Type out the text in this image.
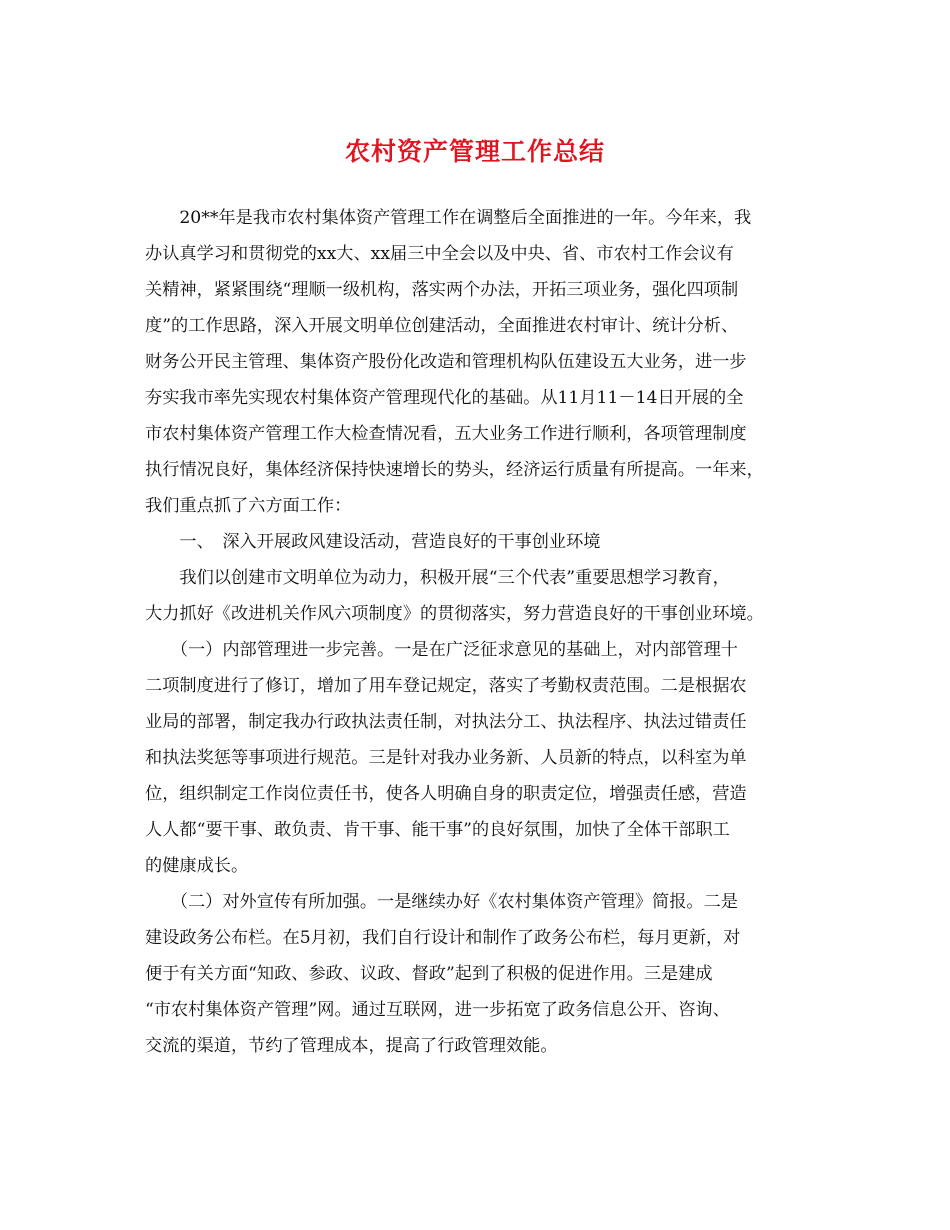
农村资产管理工作总结
　　20**年是我市农村集体资产管理工作在调整后全面推进的一年。今年来，我
办认真学习和贯彻党的xx大、xx届三中全会以及中央、省、市农村工作会议有
关精神，紧紧围绕“理顺一级机构，落实两个办法，开拓三项业务，强化四项制
度”的工作思路，深入开展文明单位创建活动，全面推进农村审计、统计分析、
财务公开民主管理、集体资产股份化改造和管理机构队伍建设五大业务，进一步
夯实我市率先实现农村集体资产管理现代化的基础。从11月11－14日开展的全
市农村集体资产管理工作大检查情况看，五大业务工作进行顺利，各项管理制度
执行情况良好，集体经济保持快速增长的势头，经济运行质量有所提高。一年来，
我们重点抓了六方面工作：
　　一、　深入开展政风建设活动，营造良好的干事创业环境
　　我们以创建市文明单位为动力，积极开展“三个代表”重要思想学习教育，
大力抓好《改进机关作风六项制度》的贯彻落实，努力营造良好的干事创业环境。
　　（一）内部管理进一步完善。一是在广泛征求意见的基础上，对内部管理十
二项制度进行了修订，增加了用车登记规定，落实了考勤权责范围。二是根据农
业局的部署，制定我办行政执法责任制，对执法分工、执法程序、执法过错责任
和执法奖惩等事项进行规范。三是针对我办业务新、人员新的特点，以科室为单
位，组织制定工作岗位责任书，使各人明确自身的职责定位，增强责任感，营造
人人都“要干事、敢负责、肯干事、能干事”的良好氛围，加快了全体干部职工
的健康成长。
　　（二）对外宣传有所加强。一是继续办好《农村集体资产管理》简报。二是
建设政务公布栏。在5月初，我们自行设计和制作了政务公布栏，每月更新，对
便于有关方面“知政、参政、议政、督政”起到了积极的促进作用。三是建成
“市农村集体资产管理”网。通过互联网，进一步拓宽了政务信息公开、咨询、
交流的渠道，节约了管理成本，提高了行政管理效能。
